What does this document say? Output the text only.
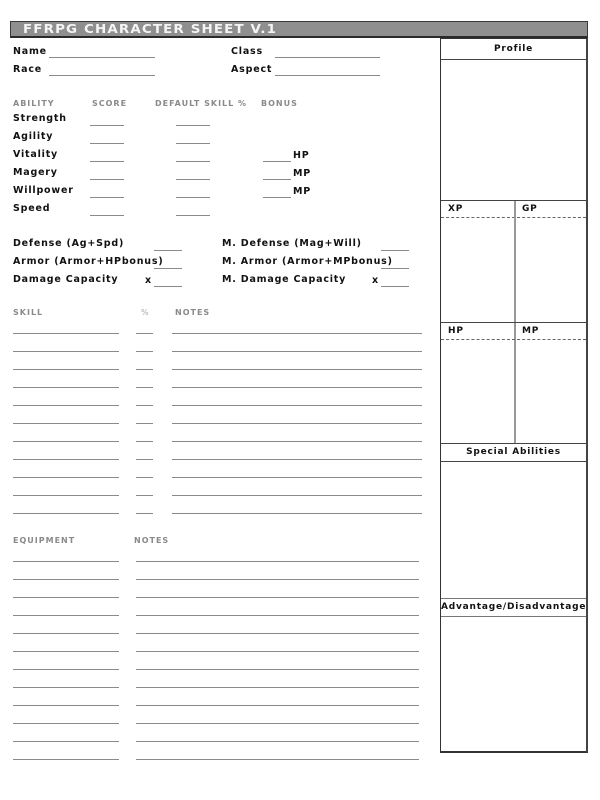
FFRPG CHARACTER SHEET V.1
Name
Race
Class
Aspect
ABILITY	SCORE	DEFAULT SKILL % BONUS
Strength
Agility
Vitality	HP
Magery	MP
Willpower	MP
Speed
Defense (Ag+Spd)
Armor (Armor+HPbonus)
Damage Capacity	x
M. Defense (Mag+Will)
M. Armor (Armor+MPbonus)
M. Damage Capacity	x
SKILL	%	NOTES
EQUIPMENT	NOTES
Profile
XP	GP
HP	MP
Special Abilities
Advantage/Disadvantage
